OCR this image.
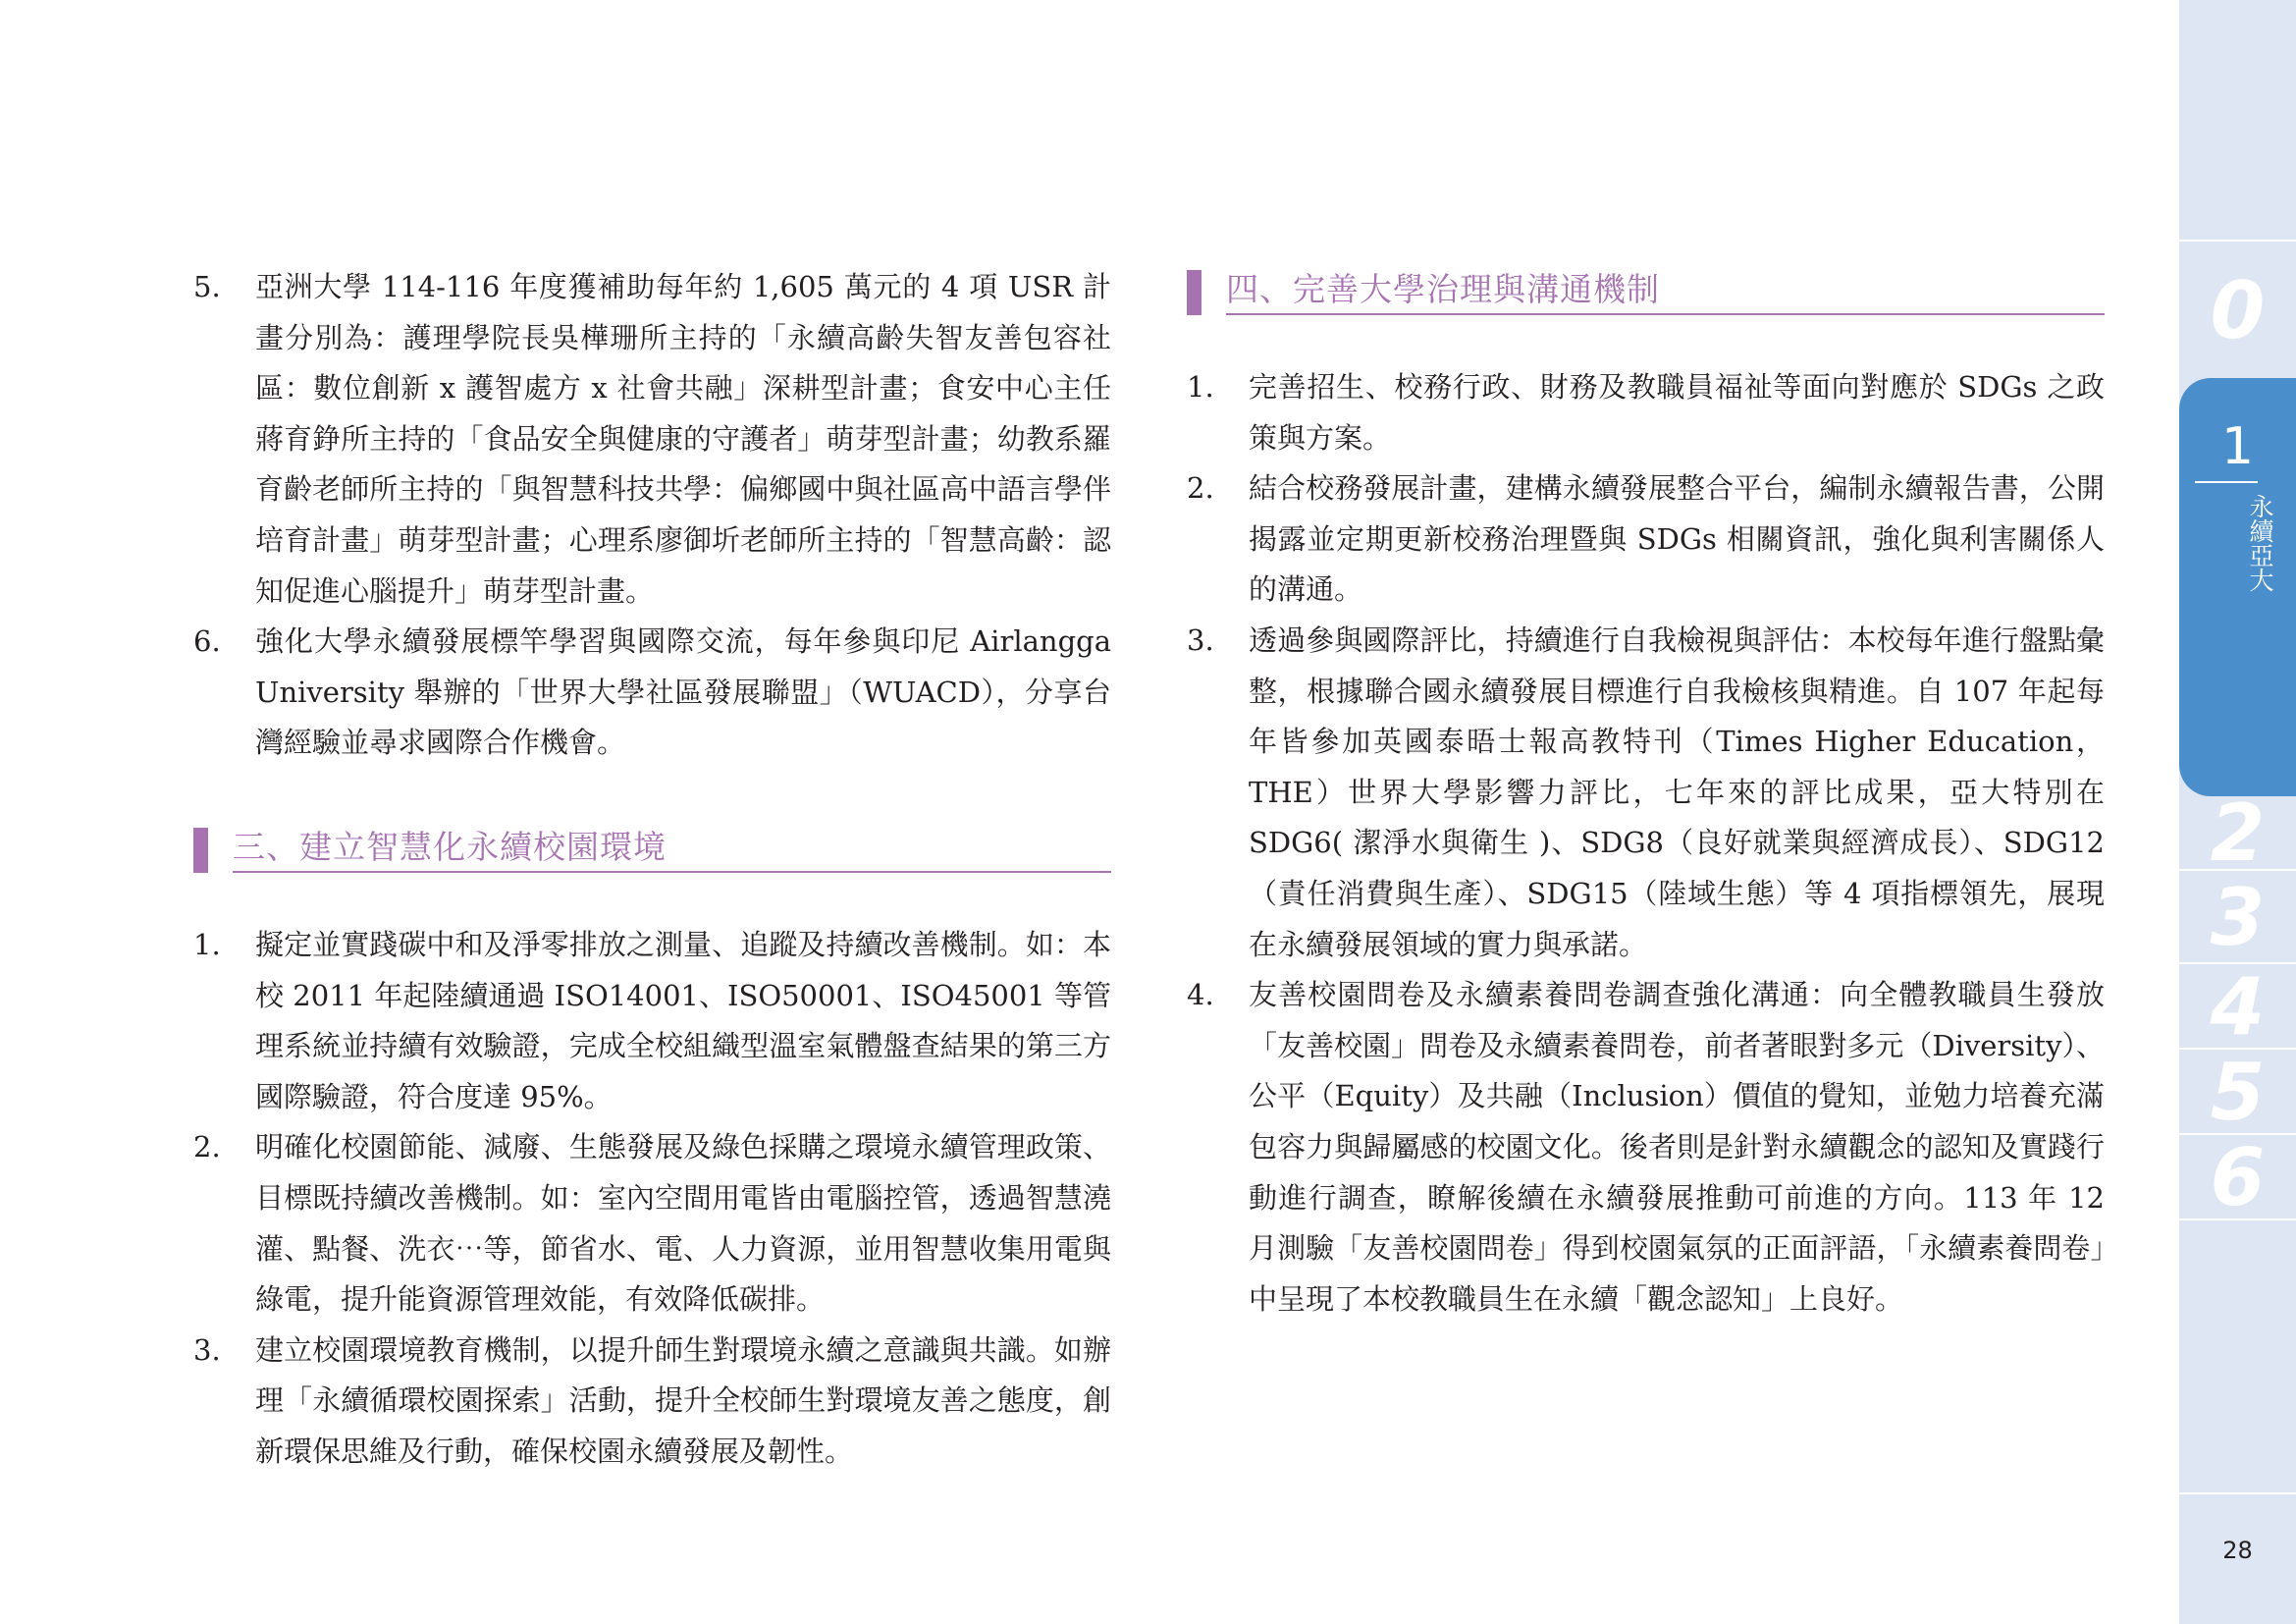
5. 亞洲大學 114-116 年度獲補助每年約 1,605 萬元的 4 項 USR 計畫分別為：護理學院長吳樺珊所主持的「永續高齡失智友善包容社區：數位創新 x 護智處方 x 社會共融」深耕型計畫；食安中心主任蔣育錚所主持的「食品安全與健康的守護者」萌芽型計畫；幼教系羅育齡老師所主持的「與智慧科技共學：偏鄉國中與社區高中語言學伴培育計畫」萌芽型計畫；心理系廖御圻老師所主持的「智慧高齡：認知促進心腦提升」萌芽型計畫。
6. 強化大學永續發展標竿學習與國際交流，每年參與印尼 Airlangga University 舉辦的「世界大學社區發展聯盟」（WUACD），分享台灣經驗並尋求國際合作機會。
三、建立智慧化永續校園環境
1. 擬定並實踐碳中和及淨零排放之測量、追蹤及持續改善機制。如：本校 2011 年起陸續通過 ISO14001、ISO50001、ISO45001 等管理系統並持續有效驗證，完成全校組織型溫室氣體盤查結果的第三方國際驗證，符合度達 95%。
2. 明確化校園節能、減廢、生態發展及綠色採購之環境永續管理政策、目標既持續改善機制。如：室內空間用電皆由電腦控管，透過智慧澆灌、點餐、洗衣⋯等，節省水、電、人力資源，並用智慧收集用電與綠電，提升能資源管理效能，有效降低碳排。
3. 建立校園環境教育機制，以提升師生對環境永續之意識與共識。如辦理「永續循環校園探索」活動，提升全校師生對環境友善之態度，創新環保思維及行動，確保校園永續發展及韌性。
四、完善大學治理與溝通機制
1. 完善招生、校務行政、財務及教職員福祉等面向對應於 SDGs 之政策與方案。
2. 結合校務發展計畫，建構永續發展整合平台，編制永續報告書，公開揭露並定期更新校務治理暨與 SDGs 相關資訊，強化與利害關係人的溝通。
3. 透過參與國際評比，持續進行自我檢視與評估：本校每年進行盤點彙整，根據聯合國永續發展目標進行自我檢核與精進。自 107 年起每年皆參加英國泰晤士報高教特刊（Times Higher Education，THE）世界大學影響力評比，七年來的評比成果，亞大特別在 SDG6( 潔淨水與衛生 )、SDG8（良好就業與經濟成長）、SDG12（責任消費與生產）、SDG15（陸域生態）等 4 項指標領先，展現在永續發展領域的實力與承諾。
4. 友善校園問卷及永續素養問卷調查強化溝通：向全體教職員生發放「友善校園」問卷及永續素養問卷，前者著眼對多元（Diversity）、公平（Equity）及共融（Inclusion）價值的覺知，並勉力培養充滿包容力與歸屬感的校園文化。後者則是針對永續觀念的認知及實踐行動進行調查，瞭解後續在永續發展推動可前進的方向。113 年 12 月測驗「友善校園問卷」得到校園氣氛的正面評語，「永續素養問卷」中呈現了本校教職員生在永續「觀念認知」上良好。
0
1
永續亞大
2
3
4
5
6
28
